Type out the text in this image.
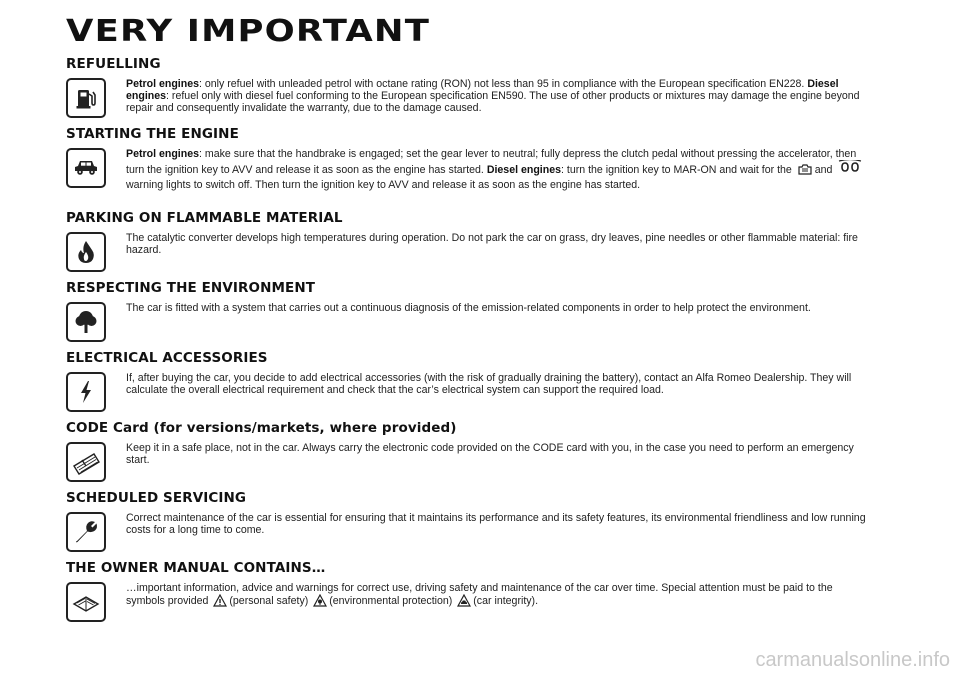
VERY IMPORTANT
REFUELLING
Petrol engines: only refuel with unleaded petrol with octane rating (RON) not less than 95 in compliance with the European specification EN228. Diesel engines: refuel only with diesel fuel conforming to the European specification EN590. The use of other products or mixtures may damage the engine beyond repair and consequently invalidate the warranty, due to the damage caused.
STARTING THE ENGINE
Petrol engines: make sure that the handbrake is engaged; set the gear lever to neutral; fully depress the clutch pedal without pressing the accelerator, then turn the ignition key to AVV and release it as soon as the engine has started. Diesel engines: turn the ignition key to MAR-ON and wait for the and warning lights to switch off. Then turn the ignition key to AVV and release it as soon as the engine has started.
PARKING ON FLAMMABLE MATERIAL
The catalytic converter develops high temperatures during operation. Do not park the car on grass, dry leaves, pine needles or other flammable material: fire hazard.
RESPECTING THE ENVIRONMENT
The car is fitted with a system that carries out a continuous diagnosis of the emission-related components in order to help protect the environment.
ELECTRICAL ACCESSORIES
If, after buying the car, you decide to add electrical accessories (with the risk of gradually draining the battery), contact an Alfa Romeo Dealership. They will calculate the overall electrical requirement and check that the car’s electrical system can support the required load.
CODE Card (for versions/markets, where provided)
Keep it in a safe place, not in the car. Always carry the electronic code provided on the CODE card with you, in the case you need to perform an emergency start.
SCHEDULED SERVICING
Correct maintenance of the car is essential for ensuring that it maintains its performance and its safety features, its environmental friendliness and low running costs for a long time to come.
THE OWNER MANUAL CONTAINS…
…important information, advice and warnings for correct use, driving safety and maintenance of the car over time. Special attention must be paid to the symbols provided (personal safety) (environmental protection) (car integrity).
carmanualsonline.info
